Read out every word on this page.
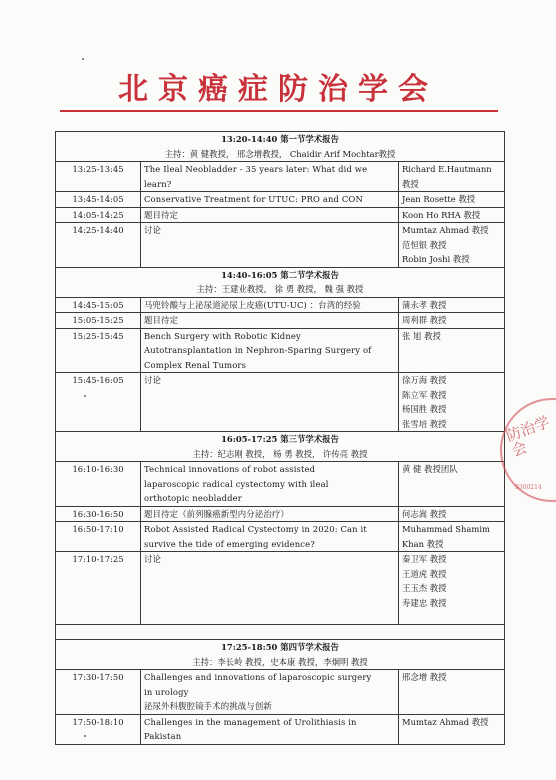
北京癌症防治学会
13:20-14:40 第一节学术报告
主持：黄 健教授， 邢念增教授， Chaidir Arif Mochtar教授		

13:25-13:45	The Ileal Neobladder - 35 years later: What did we
learn?	Richard E.Hautmann
教授

13:45-14:05	Conservative Treatment for UTUC: PRO and CON	Jean Rosette 教授

14:05-14:25	题目待定	Koon Ho RHA 教授

14:25-14:40	讨论	Mumtaz Ahmad 教授
范恒银 教授
Robin Joshi 教授

14:40-16:05 第二节学术报告
主持：王建业教授， 徐 勇 教授， 魏 强 教授		

14:45-15:05	马兜铃酸与上泌尿道泌尿上皮癌(UTU-UC) ：台湾的经验	蒲永孝 教授

15:05-15:25	题目待定	周利群 教授

15:25-15:45	Bench Surgery with Robotic Kidney
Autotransplantation in Nephron-Sparing Surgery of
Complex Renal Tumors	张 旭 教授

15:45-16:05	讨论	徐万海 教授
陈立军 教授
杨国胜 教授
张雪培 教授

16:05-17:25 第三节学术报告
主持：纪志刚 教授， 杨 勇 教授， 许传亮 教授		

16:10-16:30	Technical innovations of robot assisted
laparoscopic radical cystectomy with ileal
orthotopic neobladder	黄 健 教授团队

16:30-16:50	题目待定（前列腺癌新型内分泌治疗）	何志嵩 教授

16:50-17:10	Robot Assisted Radical Cystectomy in 2020: Can it
survive the tide of emerging evidence?	Muhammad Shamim
Khan 教授

17:10-17:25	讨论	秦卫军 教授
王道虎 教授
王玉杰 教授
寿建忠 教授

17:25-18:50 第四节学术报告
主持：李长岭 教授，史本康 教授，李炯明 教授		

17:30-17:50	Challenges and innovations of laparoscopic surgery
in urology
泌尿外科腹腔镜手术的挑战与创新	邢念增 教授

17:50-18:10	Challenges in the management of Urolithiasis in
Pakistan	Mumtaz Ahmad 教授
防治学会
9300214
